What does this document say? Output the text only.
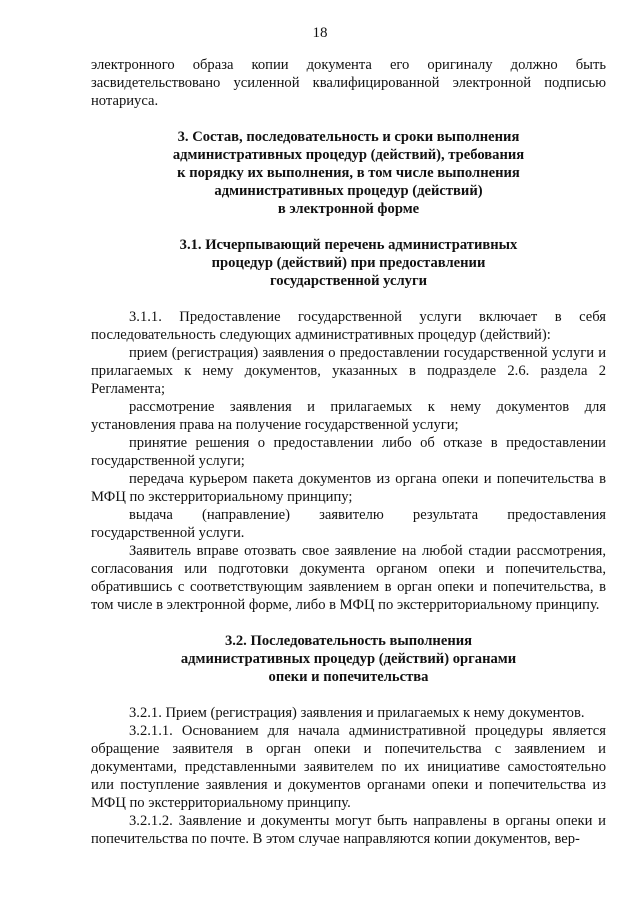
18

электронного образа копии документа его оригиналу должно быть засвидетельствовано усиленной квалифицированной электронной подписью нотариуса.

3. Состав, последовательность и сроки выполнения
административных процедур (действий), требования
к порядку их выполнения, в том числе выполнения
административных процедур (действий)
в электронной форме
3.1. Исчерпывающий перечень административных
процедур (действий) при предоставлении
государственной услуги

3.1.1. Предоставление государственной услуги включает в себя последовательность следующих административных процедур (действий):

прием (регистрация) заявления о предоставлении государственной услуги и прилагаемых к нему документов, указанных в подразделе 2.6. раздела 2 Регламента;

рассмотрение заявления и прилагаемых к нему документов для установления права на получение государственной услуги;

принятие решения о предоставлении либо об отказе в предоставлении государственной услуги;

передача курьером пакета документов из органа опеки и попечительства в МФЦ по экстерриториальному принципу;

выдача (направление) заявителю результата предоставления государственной услуги.

Заявитель вправе отозвать свое заявление на любой стадии рассмотрения, согласования или подготовки документа органом опеки и попечительства, обратившись с соответствующим заявлением в орган опеки и попечительства, в том числе в электронной форме, либо в МФЦ по экстерриториальному принципу.

3.2. Последовательность выполнения
административных процедур (действий) органами
опеки и попечительства

3.2.1. Прием (регистрация) заявления и прилагаемых к нему документов.

3.2.1.1. Основанием для начала административной процедуры является обращение заявителя в орган опеки и попечительства с заявлением и документами, представленными заявителем по их инициативе самостоятельно или поступление заявления и документов органами опеки и попечительства из МФЦ по экстерриториальному принципу.

3.2.1.2. Заявление и документы могут быть направлены в органы опеки и попечительства по почте. В этом случае направляются копии документов, вер-
